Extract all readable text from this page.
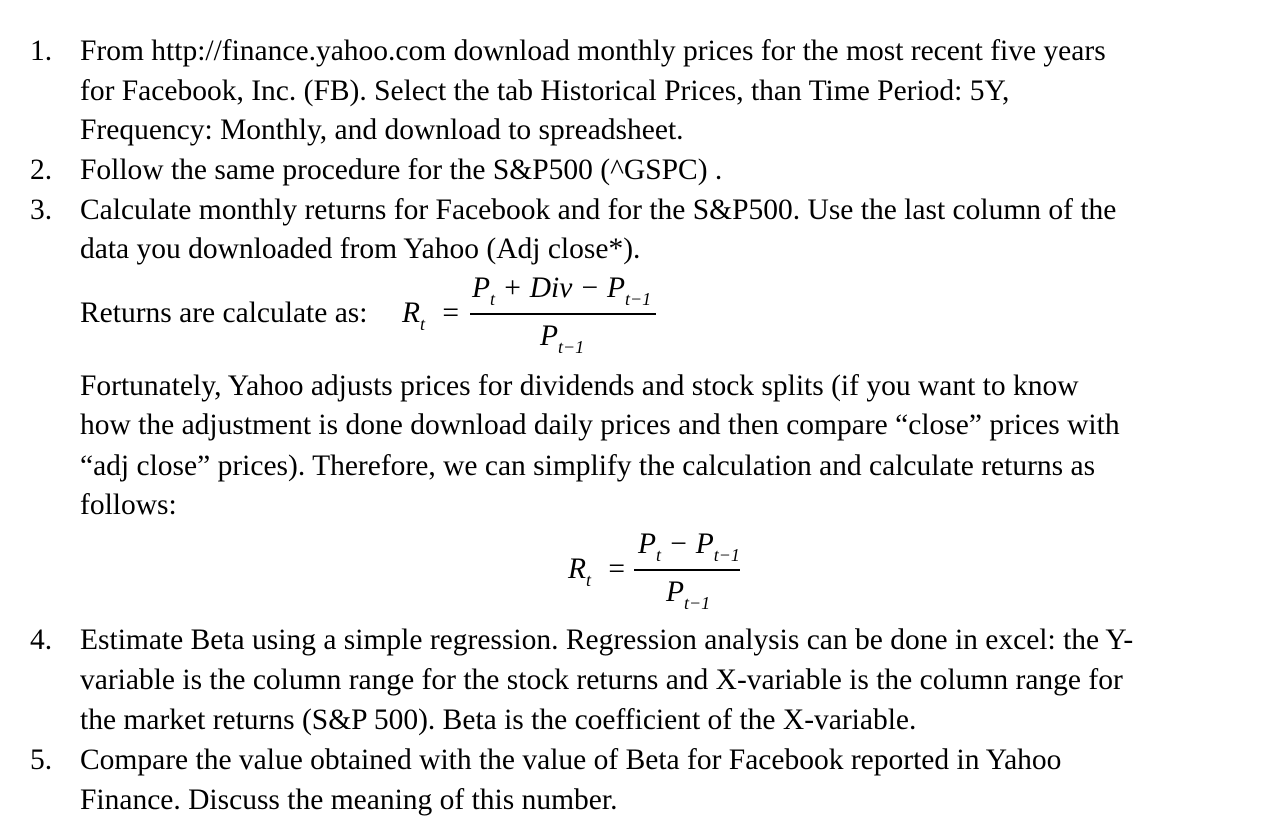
1. From http://finance.yahoo.com download monthly prices for the most recent five years
for Facebook, Inc. (FB). Select the tab Historical Prices, than Time Period: 5Y,
Frequency: Monthly, and download to spreadsheet.
2. Follow the same procedure for the S&P500 (^GSPC) .
3. Calculate monthly returns for Facebook and for the S&P500. Use the last column of the
data you downloaded from Yahoo (Adj close*).
Returns are calculate as: $R_t$ =
$P_t$ + Div − $P_{t-1}$
$P_{t-1}$
Fortunately, Yahoo adjusts prices for dividends and stock splits (if you want to know
how the adjustment is done download daily prices and then compare “close” prices with
“adj close” prices). Therefore, we can simplify the calculation and calculate returns as
follows:
$R_t$ =
$P_t - P_{t-1}$
$P_{t-1}$
4. Estimate Beta using a simple regression. Regression analysis can be done in excel: the Y-
variable is the column range for the stock returns and X-variable is the column range for
the market returns (S&P 500). Beta is the coefficient of the X-variable.
5. Compare the value obtained with the value of Beta for Facebook reported in Yahoo
Finance. Discuss the meaning of this number.
